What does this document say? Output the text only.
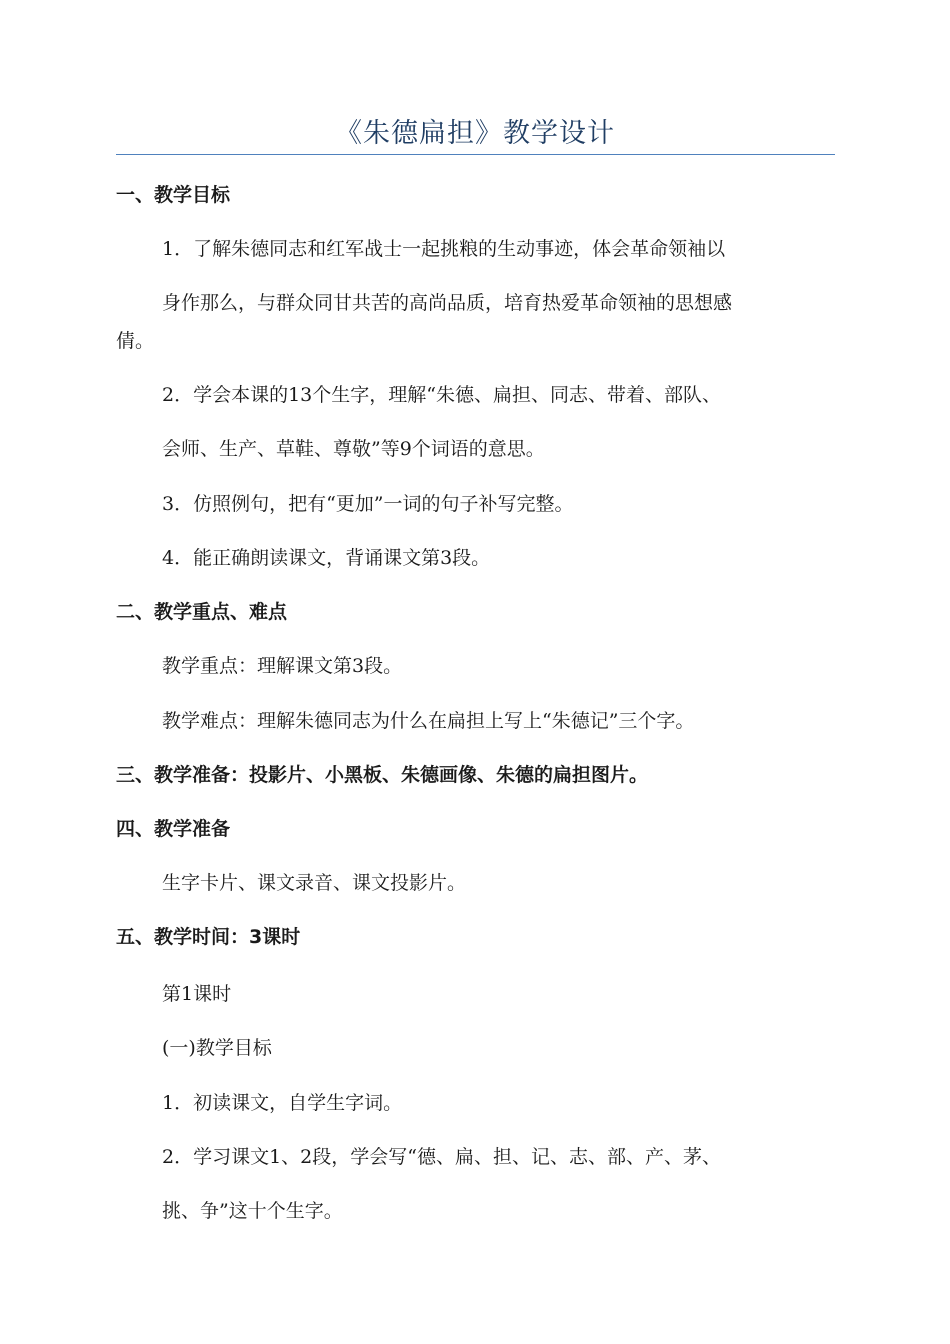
《朱德扁担》教学设计

一、教学目标

1．了解朱德同志和红军战士一起挑粮的生动事迹，体会革命领袖以

身作那么，与群众同甘共苦的高尚品质，培育热爱革命领袖的思想感

倩。

2．学会本课的13个生字，理解“朱德、扁担、同志、带着、部队、

会师、生产、草鞋、尊敬”等9个词语的意思。

3．仿照例句，把有“更加”一词的句子补写完整。

4．能正确朗读课文，背诵课文第3段。

二、教学重点、难点

教学重点：理解课文第3段。

教学难点：理解朱德同志为什么在扁担上写上“朱德记”三个字。

三、教学准备：投影片、小黑板、朱德画像、朱德的扁担图片。

四、教学准备

生字卡片、课文录音、课文投影片。

五、教学时间：3课时

第1课时

(一)教学目标

1．初读课文，自学生字词。

2．学习课文1、2段，学会写“德、扁、担、记、志、部、产、茅、

挑、争”这十个生字。
